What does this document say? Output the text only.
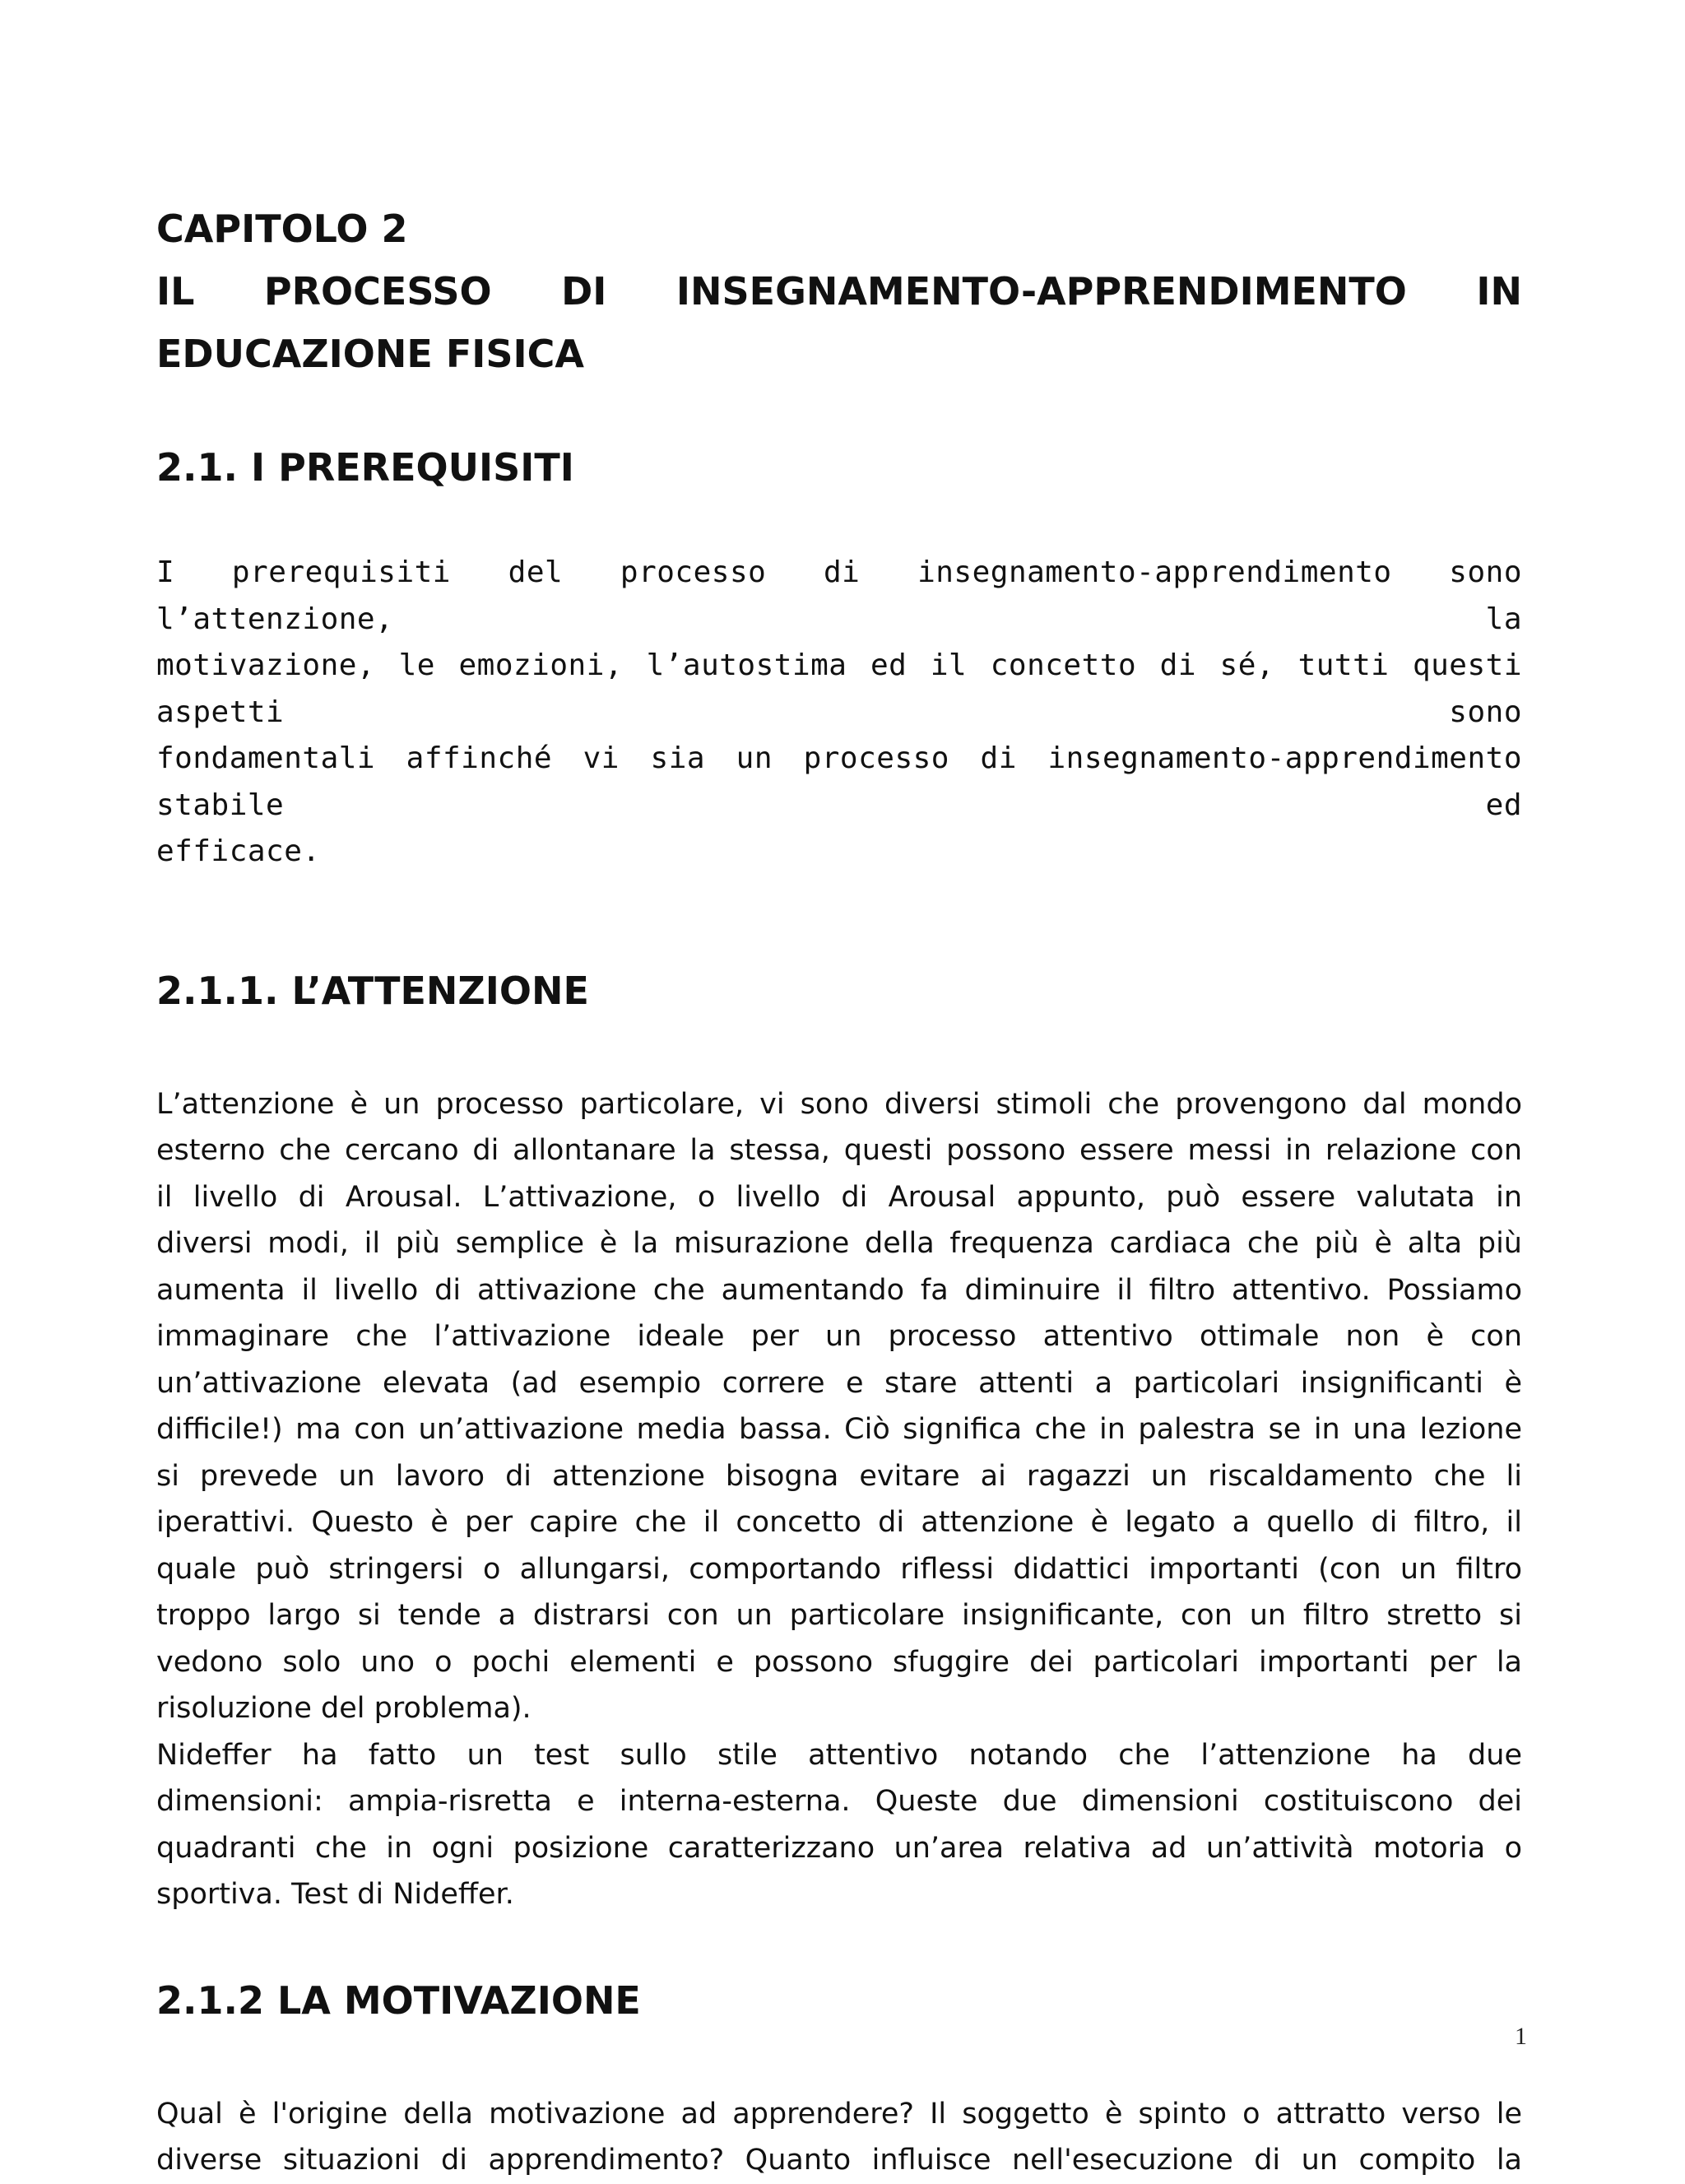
CAPITOLO 2
IL PROCESSO DI INSEGNAMENTO-APPRENDIMENTO IN
EDUCAZIONE FISICA
2.1. I PREREQUISITI

I prerequisiti del processo di insegnamento-apprendimento sono l’attenzione, la
motivazione, le emozioni, l’autostima ed il concetto di sé, tutti questi aspetti sono
fondamentali affinché vi sia un processo di insegnamento-apprendimento stabile ed
efficace.

2.1.1. L’ATTENZIONE

L’attenzione è un processo particolare, vi sono diversi stimoli che provengono dal mondo
esterno che cercano di allontanare la stessa, questi possono essere messi in relazione con
il livello di Arousal. L’attivazione, o livello di Arousal appunto, può essere valutata in
diversi modi, il più semplice è la misurazione della frequenza cardiaca che più è alta più
aumenta il livello di attivazione che aumentando fa diminuire il filtro attentivo. Possiamo
immaginare che l’attivazione ideale per un processo attentivo ottimale non è con
un’attivazione elevata (ad esempio correre e stare attenti a particolari insignificanti è
difficile!) ma con un’attivazione media bassa. Ciò significa che in palestra se in una lezione
si prevede un lavoro di attenzione bisogna evitare ai ragazzi un riscaldamento che li
iperattivi. Questo è per capire che il concetto di attenzione è legato a quello di filtro, il
quale può stringersi o allungarsi, comportando riflessi didattici importanti (con un filtro
troppo largo si tende a distrarsi con un particolare insignificante, con un filtro stretto si
vedono solo uno o pochi elementi e possono sfuggire dei particolari importanti per la
risoluzione del problema).
Nideffer ha fatto un test sullo stile attentivo notando che l’attenzione ha due
dimensioni: ampia-risretta e interna-esterna. Queste due dimensioni costituiscono dei
quadranti che in ogni posizione caratterizzano un’area relativa ad un’attività motoria o
sportiva. Test di Nideffer.

2.1.2 LA MOTIVAZIONE

Qual è l'origine della motivazione ad apprendere? Il soggetto è spinto o attratto verso le
diverse situazioni di apprendimento? Quanto influisce nell'esecuzione di un compito la

1
